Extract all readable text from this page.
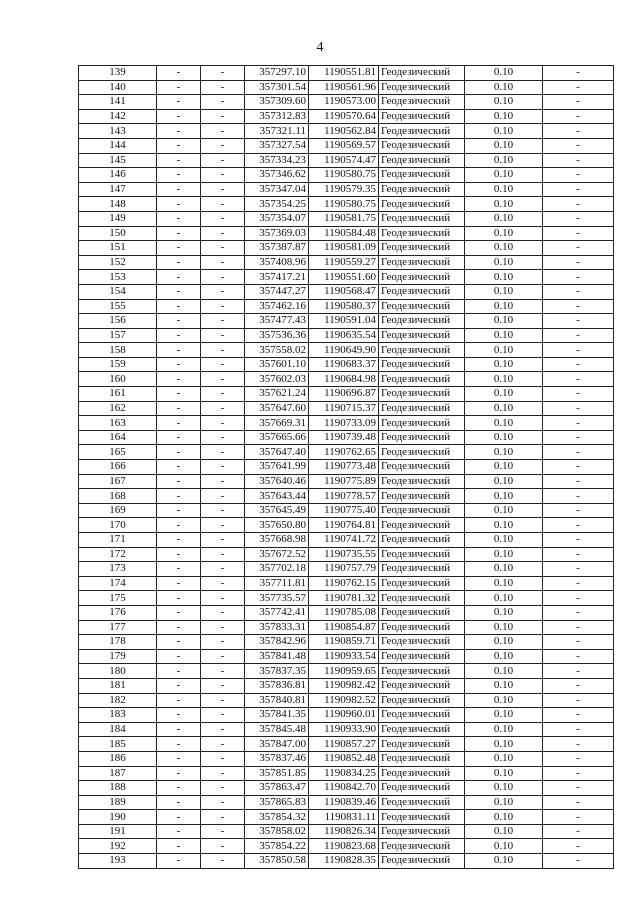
4
139	-	-	357297.10	1190551.81	Геодезический	0.10	-
140	-	-	357301.54	1190561.96	Геодезический	0.10	-
141	-	-	357309.60	1190573.00	Геодезический	0.10	-
142	-	-	357312.83	1190570.64	Геодезический	0.10	-
143	-	-	357321.11	1190562.84	Геодезический	0.10	-
144	-	-	357327.54	1190569.57	Геодезический	0.10	-
145	-	-	357334.23	1190574.47	Геодезический	0.10	-
146	-	-	357346.62	1190580.75	Геодезический	0.10	-
147	-	-	357347.04	1190579.35	Геодезический	0.10	-
148	-	-	357354.25	1190580.75	Геодезический	0.10	-
149	-	-	357354.07	1190581.75	Геодезический	0.10	-
150	-	-	357369.03	1190584.48	Геодезический	0.10	-
151	-	-	357387.87	1190581.09	Геодезический	0.10	-
152	-	-	357408.96	1190559.27	Геодезический	0.10	-
153	-	-	357417.21	1190551.60	Геодезический	0.10	-
154	-	-	357447.27	1190568.47	Геодезический	0.10	-
155	-	-	357462.16	1190580.37	Геодезический	0.10	-
156	-	-	357477.43	1190591.04	Геодезический	0.10	-
157	-	-	357536.36	1190635.54	Геодезический	0.10	-
158	-	-	357558.02	1190649.90	Геодезический	0.10	-
159	-	-	357601.10	1190683.37	Геодезический	0.10	-
160	-	-	357602.03	1190684.98	Геодезический	0.10	-
161	-	-	357621.24	1190696.87	Геодезический	0.10	-
162	-	-	357647.60	1190715.37	Геодезический	0.10	-
163	-	-	357669.31	1190733.09	Геодезический	0.10	-
164	-	-	357665.66	1190739.48	Геодезический	0.10	-
165	-	-	357647.40	1190762.65	Геодезический	0.10	-
166	-	-	357641.99	1190773.48	Геодезический	0.10	-
167	-	-	357640.46	1190775.89	Геодезический	0.10	-
168	-	-	357643.44	1190778.57	Геодезический	0.10	-
169	-	-	357645.49	1190775.40	Геодезический	0.10	-
170	-	-	357650.80	1190764.81	Геодезический	0.10	-
171	-	-	357668.98	1190741.72	Геодезический	0.10	-
172	-	-	357672.52	1190735.55	Геодезический	0.10	-
173	-	-	357702.18	1190757.79	Геодезический	0.10	-
174	-	-	357711.81	1190762.15	Геодезический	0.10	-
175	-	-	357735.57	1190781.32	Геодезический	0.10	-
176	-	-	357742.41	1190785.08	Геодезический	0.10	-
177	-	-	357833.31	1190854.87	Геодезический	0.10	-
178	-	-	357842.96	1190859.71	Геодезический	0.10	-
179	-	-	357841.48	1190933.54	Геодезический	0.10	-
180	-	-	357837.35	1190959.65	Геодезический	0.10	-
181	-	-	357836.81	1190982.42	Геодезический	0.10	-
182	-	-	357840.81	1190982.52	Геодезический	0.10	-
183	-	-	357841.35	1190960.01	Геодезический	0.10	-
184	-	-	357845.48	1190933.90	Геодезический	0.10	-
185	-	-	357847.00	1190857.27	Геодезический	0.10	-
186	-	-	357837.46	1190852.48	Геодезический	0.10	-
187	-	-	357851.85	1190834.25	Геодезический	0.10	-
188	-	-	357863.47	1190842.70	Геодезический	0.10	-
189	-	-	357865.83	1190839.46	Геодезический	0.10	-
190	-	-	357854.32	1190831.11	Геодезический	0.10	-
191	-	-	357858.02	1190826.34	Геодезический	0.10	-
192	-	-	357854.22	1190823.68	Геодезический	0.10	-
193	-	-	357850.58	1190828.35	Геодезический	0.10	-
